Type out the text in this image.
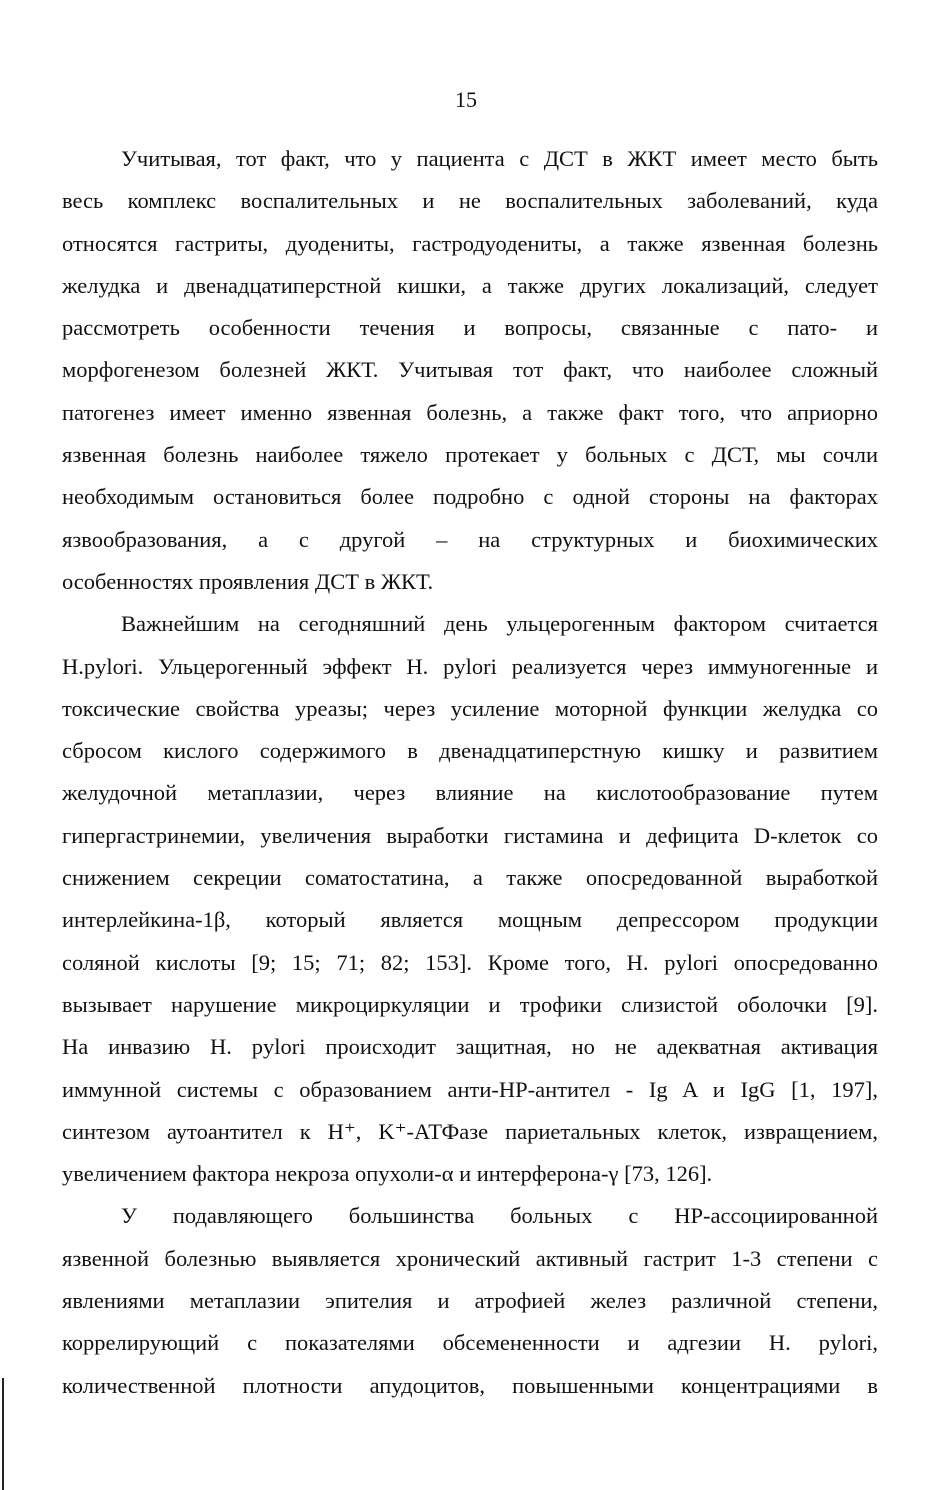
15
Учитывая, тот факт, что у пациента с ДСТ в ЖКТ имеет место быть
весь комплекс воспалительных и не воспалительных заболеваний, куда
относятся гастриты, дуодениты, гастродуодениты, а также язвенная болезнь
желудка и двенадцатиперстной кишки, а также других локализаций, следует
рассмотреть особенности течения и вопросы, связанные с пато- и
морфогенезом болезней ЖКТ. Учитывая тот факт, что наиболее сложный
патогенез имеет именно язвенная болезнь, а также факт того, что априорно
язвенная болезнь наиболее тяжело протекает у больных с ДСТ, мы сочли
необходимым остановиться более подробно с одной стороны на факторах
язвообразования, а с другой – на структурных и биохимических
особенностях проявления ДСТ в ЖКТ.
Важнейшим на сегодняшний день ульцерогенным фактором считается
H.pylori. Ульцерогенный эффект H. pylori реализуется через иммуногенные и
токсические свойства уреазы; через усиление моторной функции желудка со
сбросом кислого содержимого в двенадцатиперстную кишку и развитием
желудочной метаплазии, через влияние на кислотообразование путем
гипергастринемии, увеличения выработки гистамина и дефицита D-клеток со
снижением секреции соматостатина, а также опосредованной выработкой
интерлейкина-1β, который является мощным депрессором продукции
соляной кислоты [9; 15; 71; 82; 153]. Кроме того, H. pylori опосредованно
вызывает нарушение микроциркуляции и трофики слизистой оболочки [9].
На инвазию H. pylori происходит защитная, но не адекватная активация
иммунной системы с образованием анти-HP-антител - Ig A и IgG [1, 197],
синтезом аутоантител к H⁺, K⁺-АТФазе париетальных клеток, извращением,
увеличением фактора некроза опухоли-α и интерферона-γ [73, 126].
У подавляющего большинства больных с HP-ассоциированной
язвенной болезнью выявляется хронический активный гастрит 1-3 степени с
явлениями метаплазии эпителия и атрофией желез различной степени,
коррелирующий с показателями обсемененности и адгезии H. pylori,
количественной плотности апудоцитов, повышенными концентрациями в
